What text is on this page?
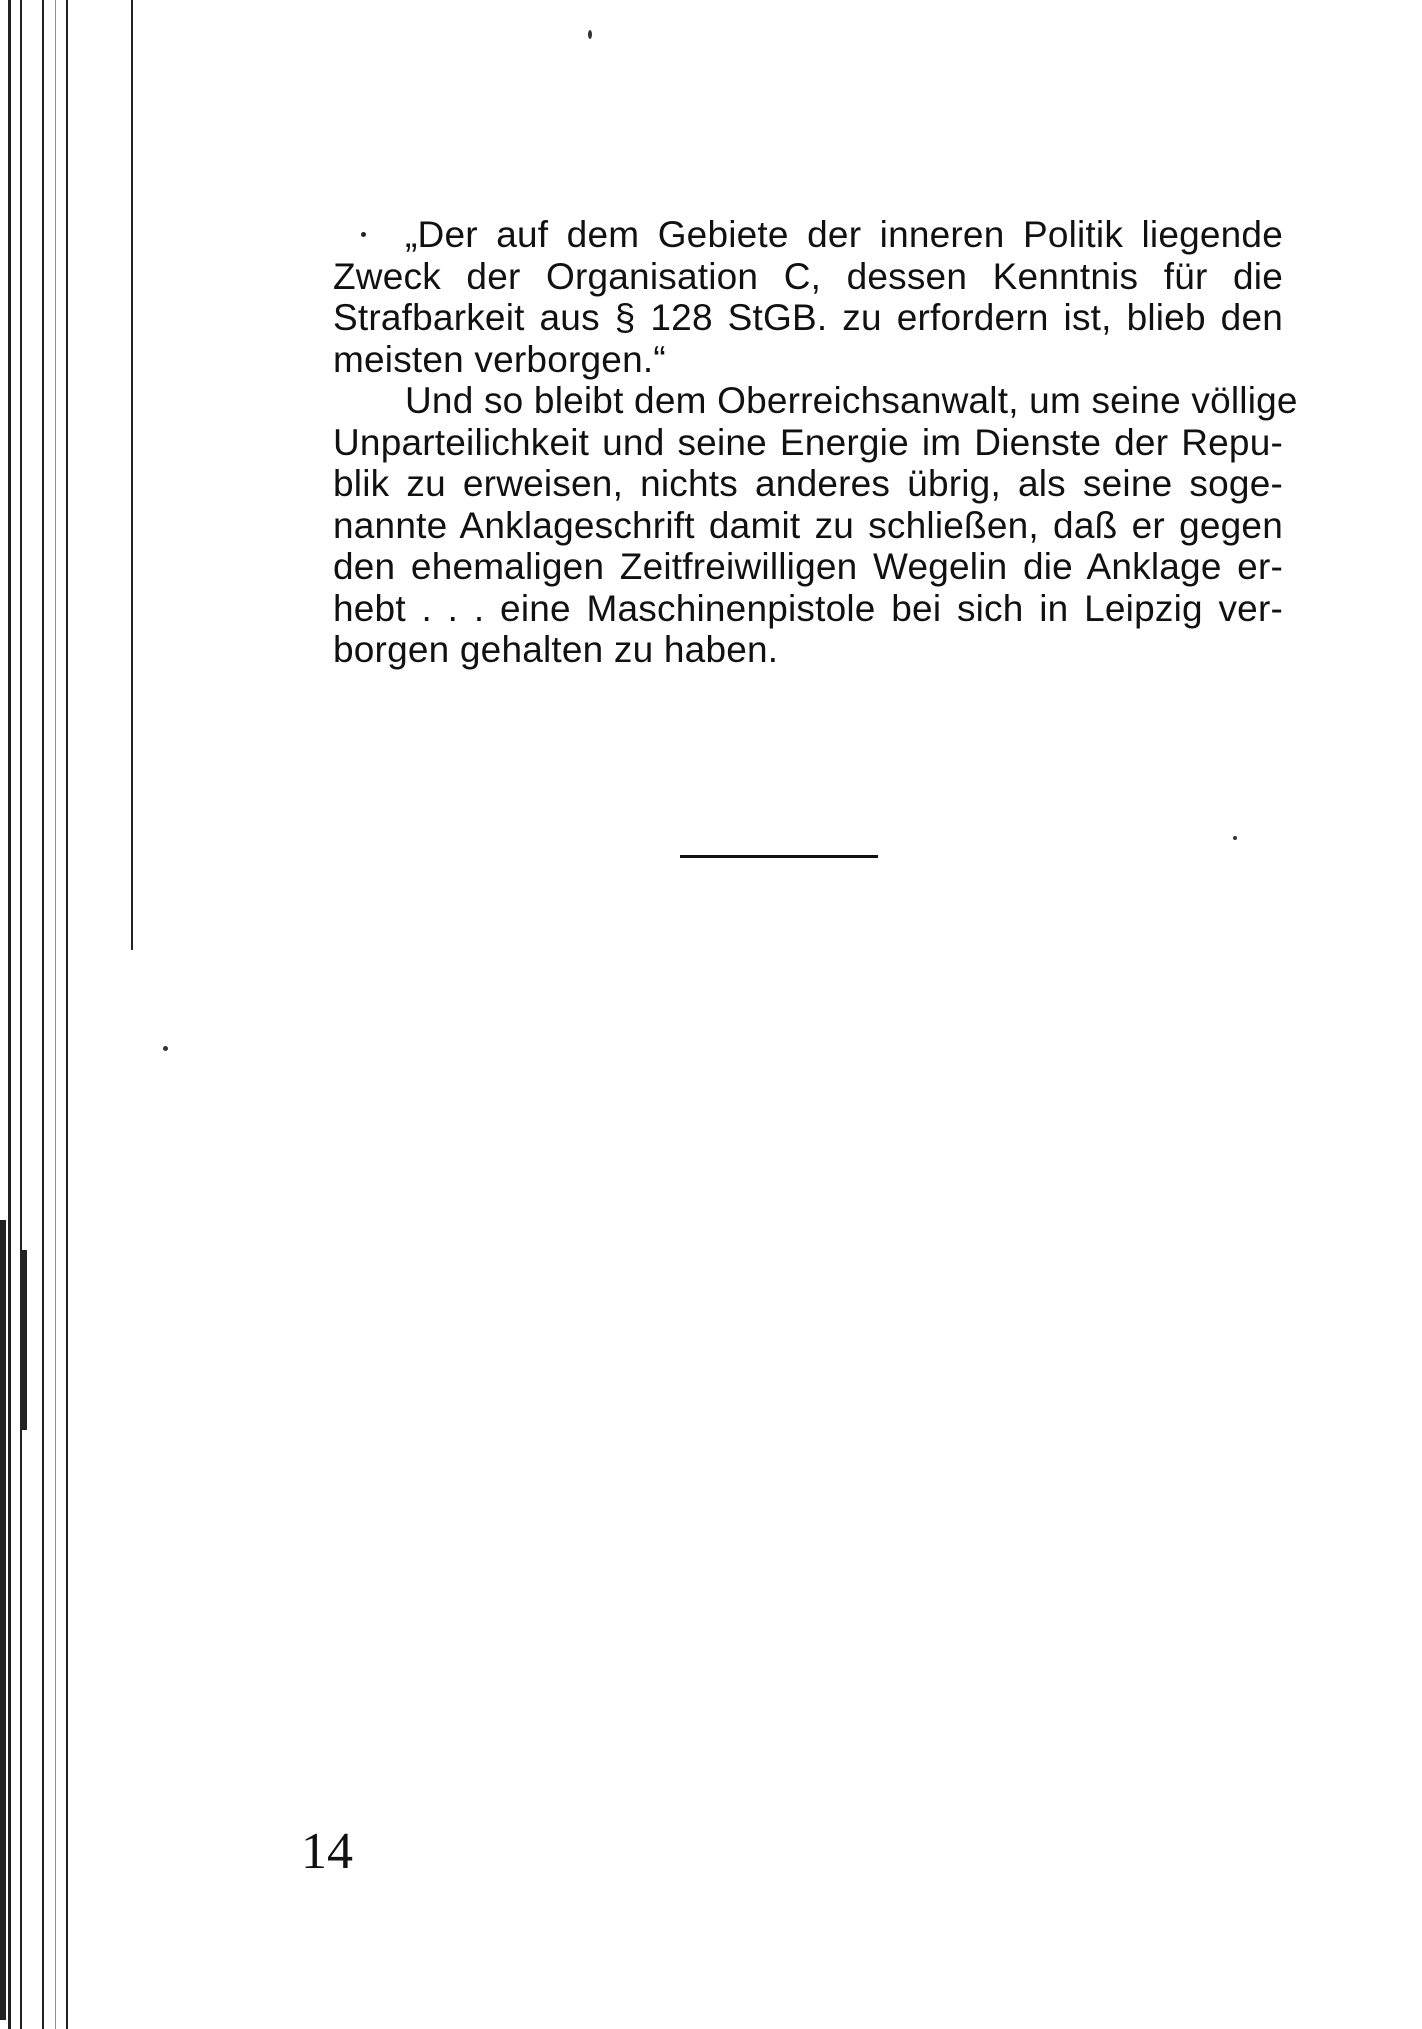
„Der auf dem Gebiete der inneren Politik liegende
Zweck der Organisation C, dessen Kenntnis für die
Strafbarkeit aus § 128 StGB. zu erfordern ist, blieb den
meisten verborgen.“

Und so bleibt dem Oberreichsanwalt, um seine völlige
Unparteilichkeit und seine Energie im Dienste der Repu-
blik zu erweisen, nichts anderes übrig, als seine soge-
nannte Anklageschrift damit zu schließen, daß er gegen
den ehemaligen Zeitfreiwilligen Wegelin die Anklage er-
hebt . . . eine Maschinenpistole bei sich in Leipzig ver-
borgen gehalten zu haben.

14
